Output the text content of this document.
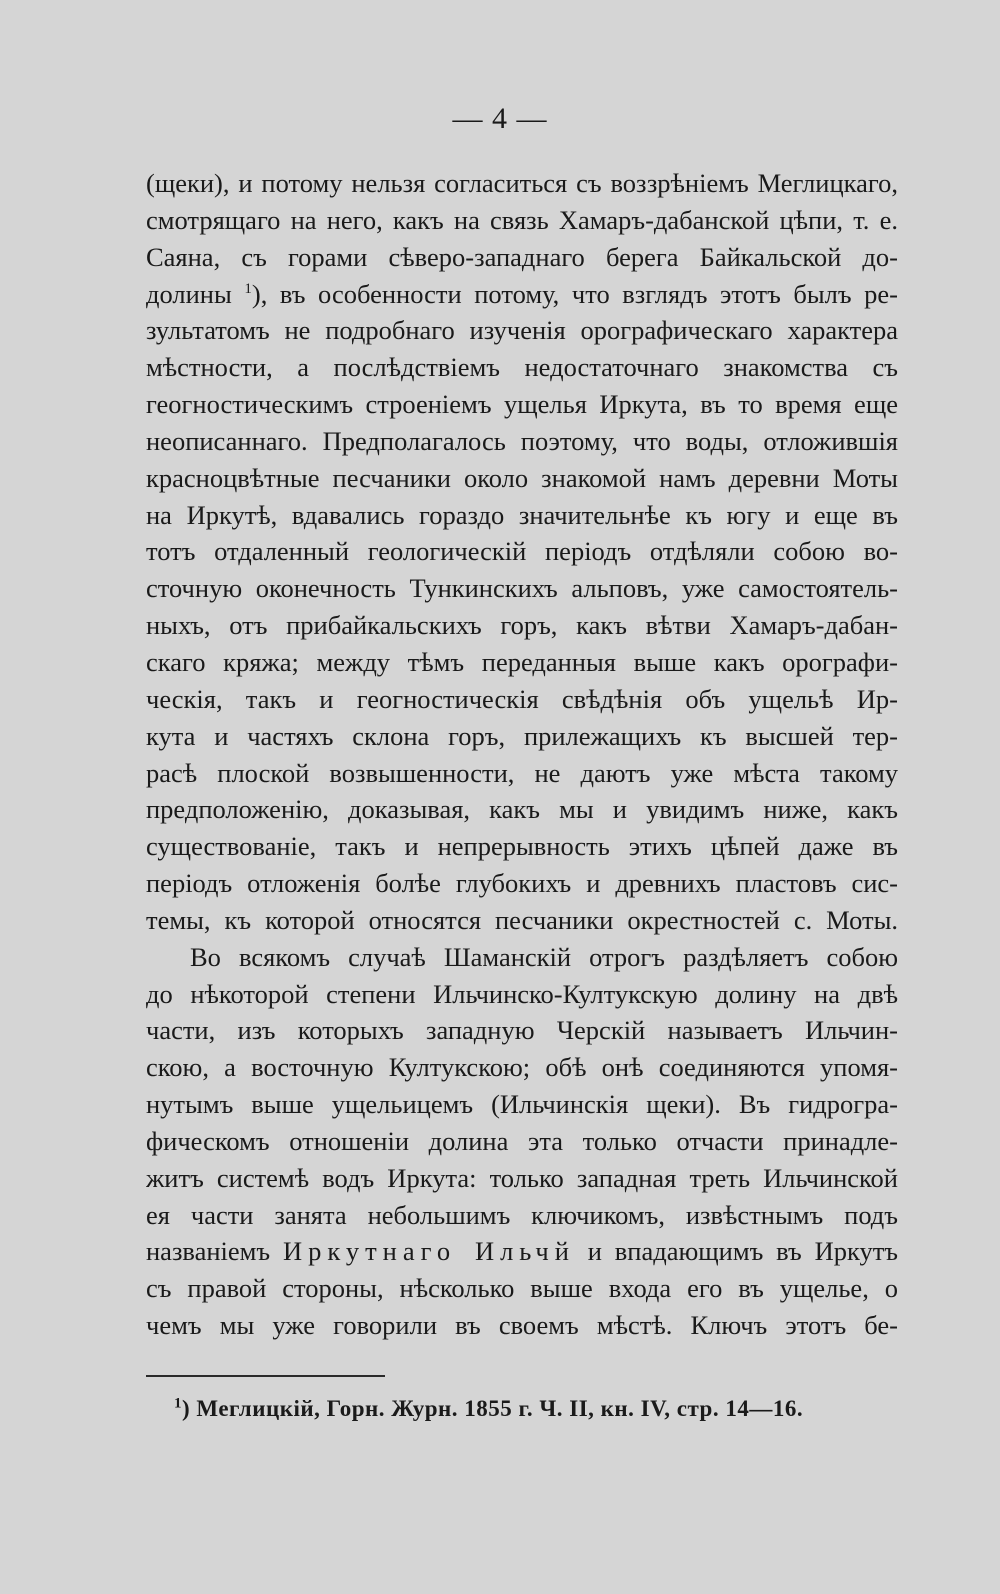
— 4 —
(щеки), и потому нельзя согласиться съ воззрѣніемъ Меглицкаго,
смотрящаго на него, какъ на связь Хамаръ-дабанской цѣпи, т. е.
Саяна, съ горами сѣверо-западнаго берега Байкальской до-
долины $^1$), въ особенности потому, что взглядъ этотъ былъ ре-
зультатомъ не подробнаго изученія орографическаго характера
мѣстности, а послѣдствіемъ недостаточнаго знакомства съ
геогностическимъ строеніемъ ущелья Иркута, въ то время еще
неописаннаго. Предполагалось поэтому, что воды, отложившія
красноцвѣтные песчаники около знакомой намъ деревни Моты
на Иркутѣ, вдавались гораздо значительнѣе къ югу и еще въ
тотъ отдаленный геологическій періодъ отдѣляли собою во-
сточную оконечность Тункинскихъ альповъ, уже самостоятель-
ныхъ, отъ прибайкальскихъ горъ, какъ вѣтви Хамаръ-дабан-
скаго кряжа; между тѣмъ переданныя выше какъ орографи-
ческія, такъ и геогностическія свѣдѣнія объ ущельѣ Ир-
кута и частяхъ склона горъ, прилежащихъ къ высшей тер-
расѣ плоской возвышенности, не даютъ уже мѣста такому
предположенію, доказывая, какъ мы и увидимъ ниже, какъ
существованіе, такъ и непрерывность этихъ цѣпей даже въ
періодъ отложенія болѣе глубокихъ и древнихъ пластовъ сис-
темы, къ которой относятся песчаники окрестностей с. Моты.
Во всякомъ случаѣ Шаманскій отрогъ раздѣляетъ собою
до нѣкоторой степени Ильчинско-Култукскую долину на двѣ
части, изъ которыхъ западную Черскій называетъ Ильчин-
скою, а восточную Култукскою; обѣ онѣ соединяются упомя-
нутымъ выше ущельицемъ (Ильчинскія щеки). Въ гидрогра-
фическомъ отношеніи долина эта только отчасти принадле-
житъ системѣ водъ Иркута: только западная треть Ильчинской
ея части занята небольшимъ ключикомъ, извѣстнымъ подъ
названіемъ Иркутнаго Ильчй и впадающимъ въ Иркутъ
съ правой стороны, нѣсколько выше входа его въ ущелье, о
чемъ мы уже говорили въ своемъ мѣстѣ. Ключъ этотъ бе-
$^1$) Меглицкій, Горн. Журн. 1855 г. Ч. II, кн. IV, стр. 14—16.
